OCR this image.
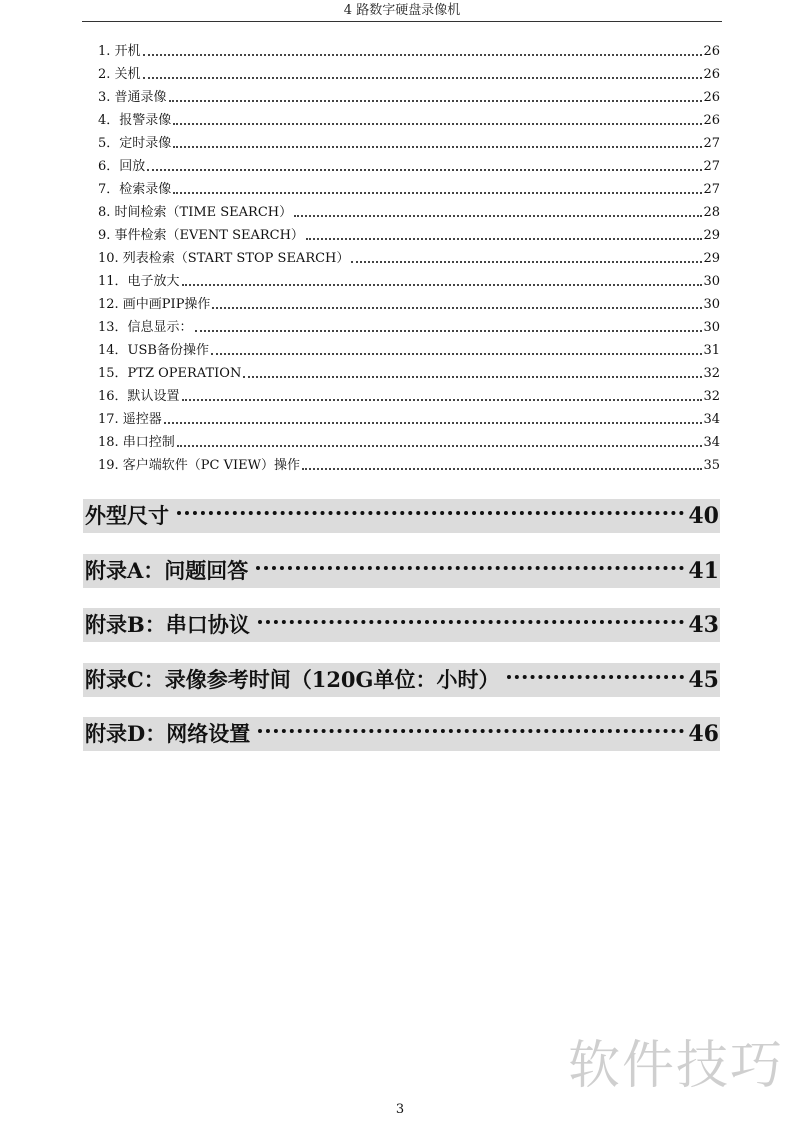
4 路数字硬盘录像机
1. 开机	26
2. 关机	26
3. 普通录像	26
4．报警录像	26
5．定时录像	27
6．回放	27
7．检索录像	27
8. 时间检索（TIME SEARCH）	28
9. 事件检索（EVENT SEARCH）	29
10. 列表检索（START STOP SEARCH）	29
11．电子放大	30
12. 画中画PIP操作	30
13．信息显示：	30
14．USB备份操作	31
15．PTZ OPERATION	32
16．默认设置	32
17. 遥控器	34
18. 串口控制	34
19. 客户端软件（PC VIEW）操作	35
外型尺寸	40
附录A：问题回答	41
附录B：串口协议	43
附录C：录像参考时间（120G单位：小时）	45
附录D：网络设置	46
软件技巧
3
